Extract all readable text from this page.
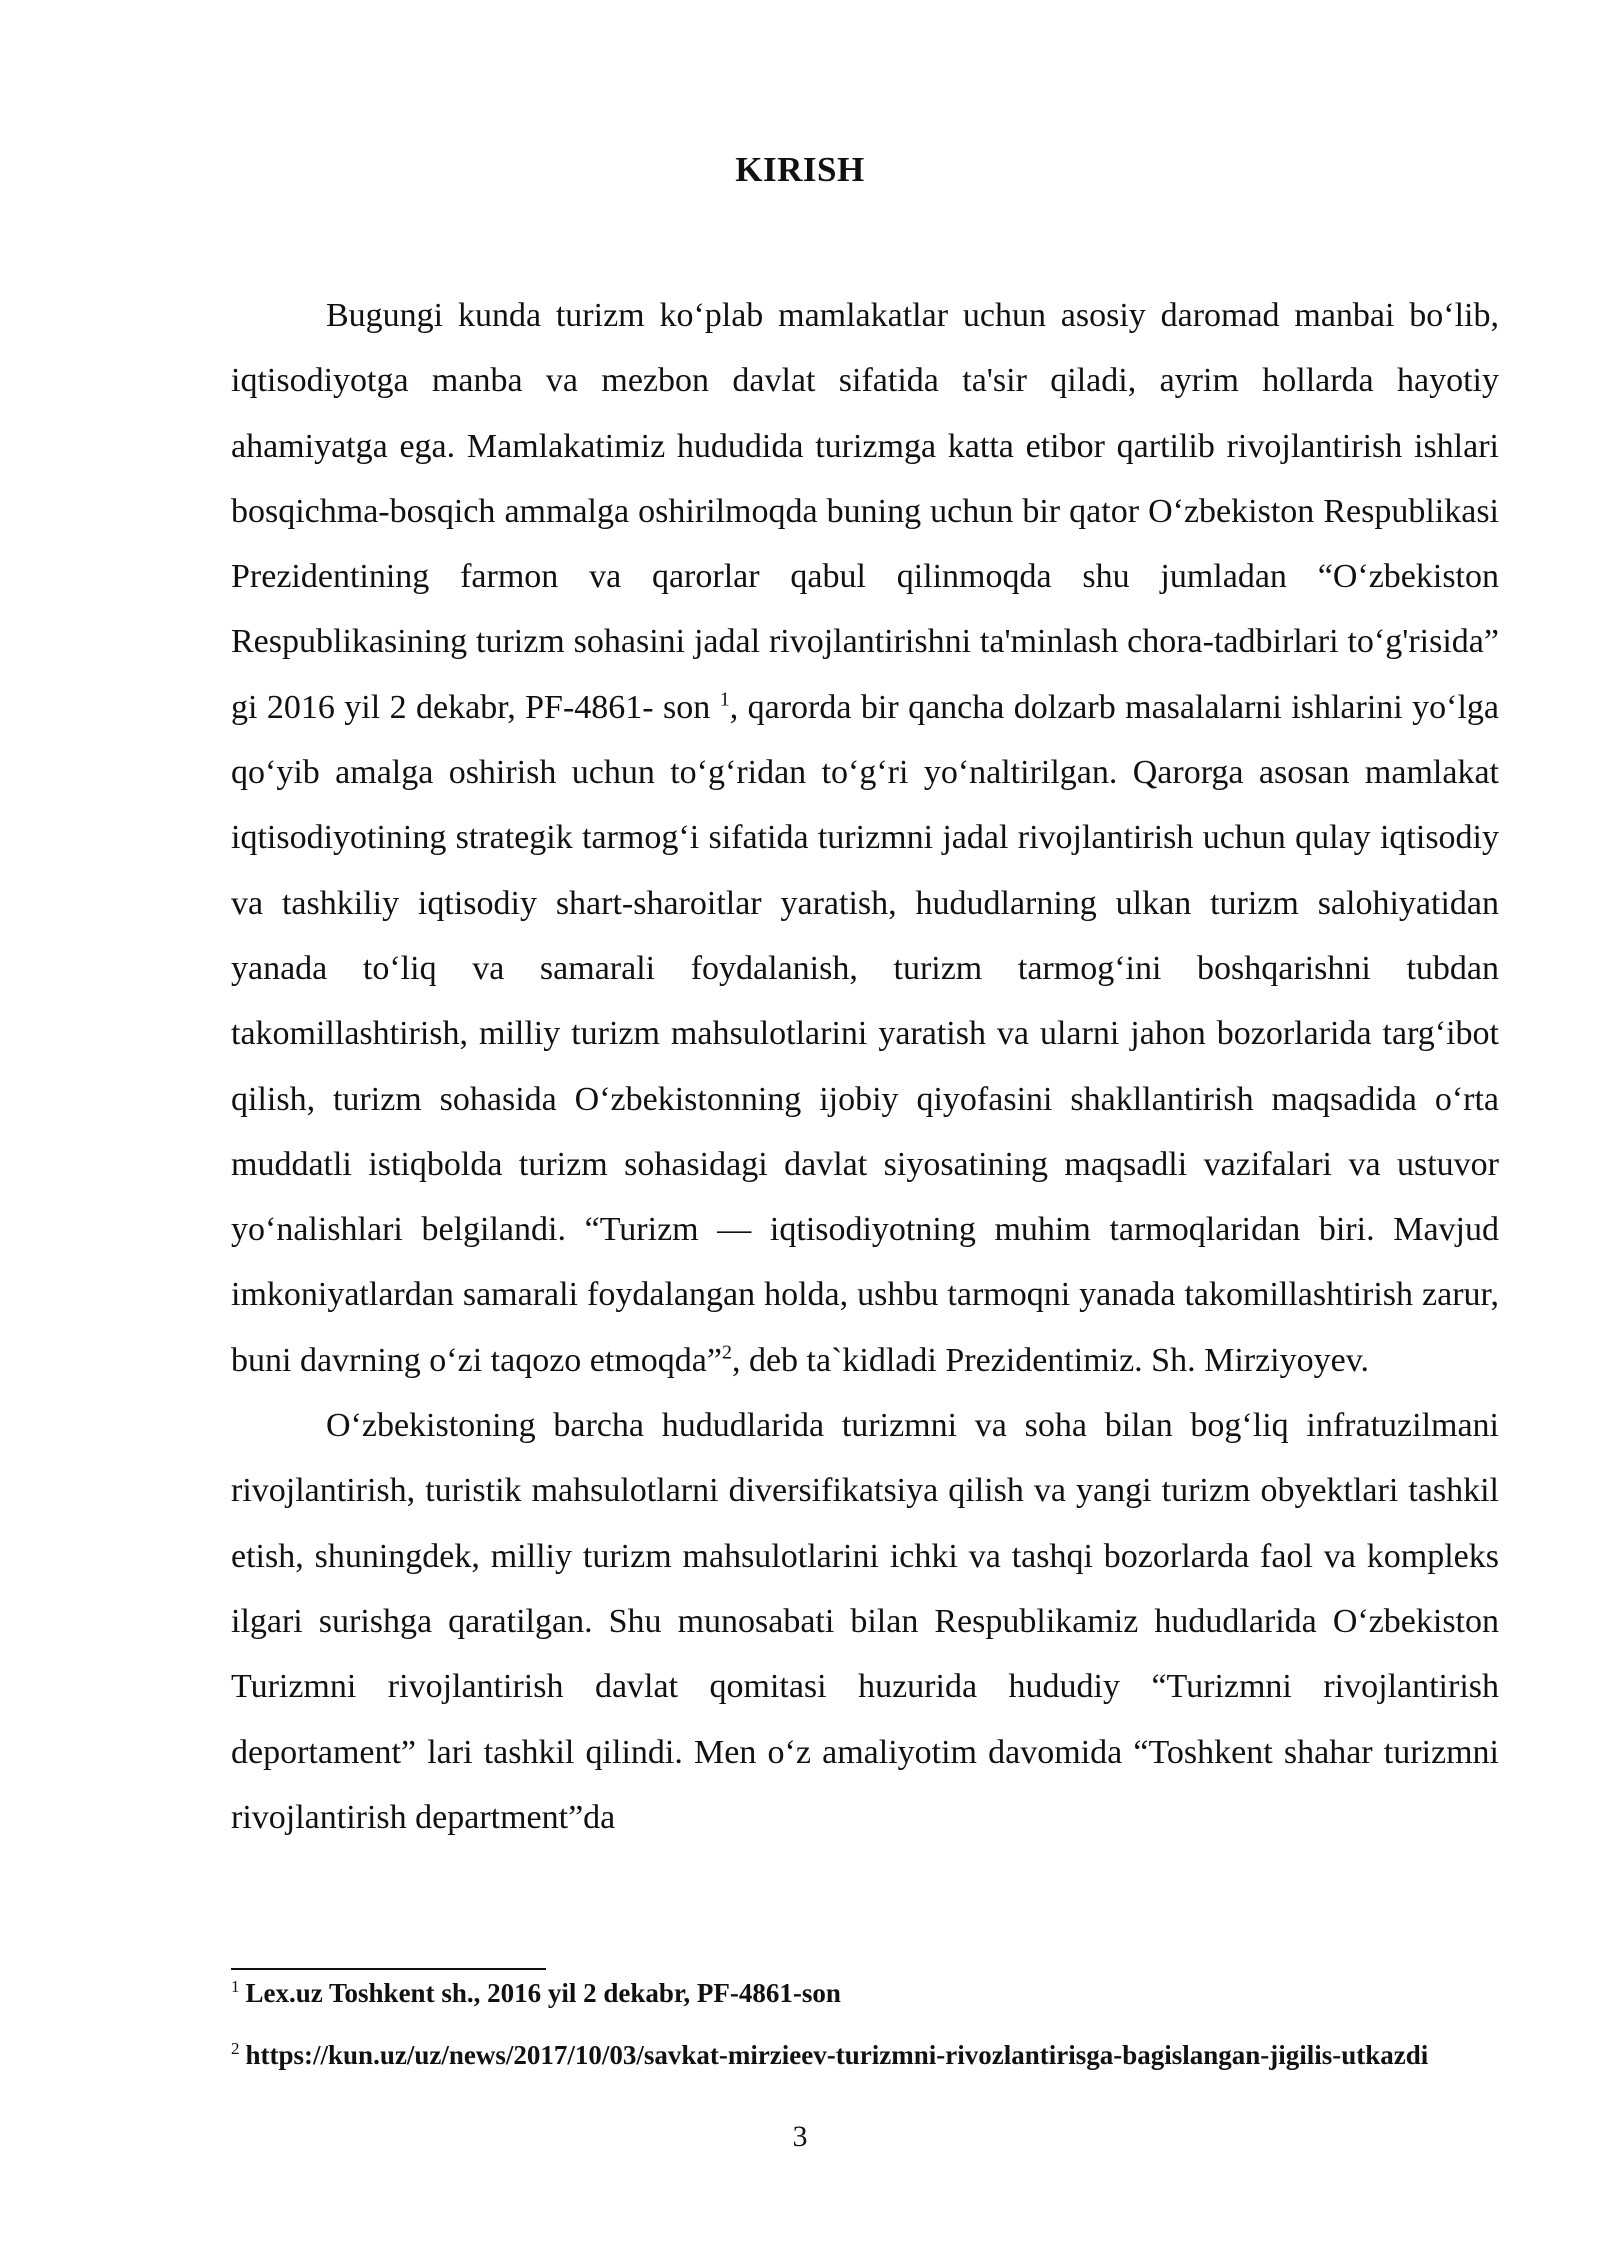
KIRISH

Bugungi kunda turizm ko‘plab mamlakatlar uchun asosiy daromad manbai bo‘lib, iqtisodiyotga manba va mezbon davlat sifatida ta'sir qiladi, ayrim hollarda hayotiy ahamiyatga ega. Mamlakatimiz hududida turizmga katta etibor qartilib rivojlantirish ishlari bosqichma-bosqich ammalga oshirilmoqda buning uchun bir qator O‘zbekiston Respublikasi Prezidentining farmon va qarorlar qabul qilinmoqda shu jumladan “O‘zbekiston Respublikasining turizm sohasini jadal rivojlantirishni ta'minlash chora-tadbirlari to‘g'risida” gi 2016 yil 2 dekabr, PF-4861- son $^1$, qarorda bir qancha dolzarb masalalarni ishlarini yo‘lga qo‘yib amalga oshirish uchun to‘g‘ridan to‘g‘ri yo‘naltirilgan. Qarorga asosan mamlakat iqtisodiyotining strategik tarmog‘i sifatida turizmni jadal rivojlantirish uchun qulay iqtisodiy va tashkiliy iqtisodiy shart-sharoitlar yaratish, hududlarning ulkan turizm salohiyatidan yanada to‘liq va samarali foydalanish, turizm tarmog‘ini boshqarishni tubdan takomillashtirish, milliy turizm mahsulotlarini yaratish va ularni jahon bozorlarida targ‘ibot qilish, turizm sohasida O‘zbekistonning ijobiy qiyofasini shakllantirish maqsadida o‘rta muddatli istiqbolda turizm sohasidagi davlat siyosatining maqsadli vazifalari va ustuvor yo‘nalishlari belgilandi. “Turizm — iqtisodiyotning muhim tarmoqlaridan biri. Mavjud imkoniyatlardan samarali foydalangan holda, ushbu tarmoqni yanada takomillashtirish zarur, buni davrning o‘zi taqozo etmoqda”$^2$, deb ta`kidladi Prezidentimiz. Sh. Mirziyoyev.

O‘zbekistoning barcha hududlarida turizmni va soha bilan bog‘liq infratuzilmani rivojlantirish, turistik mahsulotlarni diversifikatsiya qilish va yangi turizm obyektlari tashkil etish, shuningdek, milliy turizm mahsulotlarini ichki va tashqi bozorlarda faol va kompleks ilgari surishga qaratilgan. Shu munosabati bilan Respublikamiz hududlarida O‘zbekiston Turizmni rivojlantirish davlat qomitasi huzurida hududiy “Turizmni rivojlantirish deportament” lari tashkil qilindi. Men o‘z amaliyotim davomida “Toshkent shahar turizmni rivojlantirish department”da

$^1$ Lex.uz Toshkent sh., 2016 yil 2 dekabr, PF-4861-son

$^2$ https://kun.uz/uz/news/2017/10/03/savkat-mirzieev-turizmni-rivozlantirisga-bagislangan-jigilis-utkazdi

3
